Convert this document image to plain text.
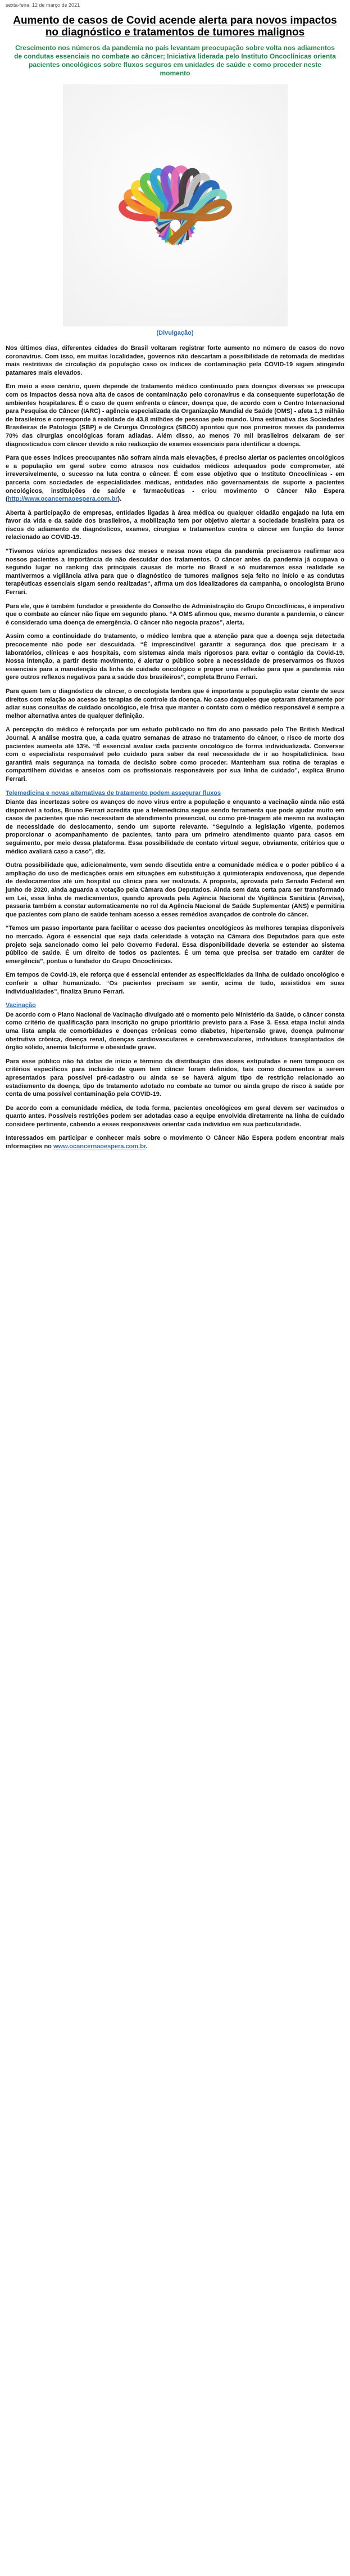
sexta-feira, 12 de março de 2021
Aumento de casos de Covid acende alerta para novos impactos no diagnóstico e tratamentos de tumores malignos
Crescimento nos números da pandemia no país levantam preocupação sobre volta nos adiamentos de condutas essenciais no combate ao câncer; Iniciativa liderada pelo Instituto Oncoclínicas orienta pacientes oncológicos sobre fluxos seguros em unidades de saúde e como proceder neste momento
(Divulgação)

Nos últimos dias, diferentes cidades do Brasil voltaram registrar forte aumento no número de casos do novo coronavírus. Com isso, em muitas localidades, governos não descartam a possibilidade de retomada de medidas mais restritivas de circulação da população caso os índices de contaminação pela COVID-19 sigam atingindo patamares mais elevados.

Em meio a esse cenário, quem depende de tratamento médico continuado para doenças diversas se preocupa com os impactos dessa nova alta de casos de contaminação pelo coronavírus e da consequente superlotação de ambientes hospitalares. É o caso de quem enfrenta o câncer, doença que, de acordo com o Centro Internacional para Pesquisa do Câncer (IARC) - agência especializada da Organização Mundial de Saúde (OMS) - afeta 1,3 milhão de brasileiros e corresponde à realidade de 43,8 milhões de pessoas pelo mundo. Uma estimativa das Sociedades Brasileiras de Patologia (SBP) e de Cirurgia Oncológica (SBCO) apontou que nos primeiros meses da pandemia 70% das cirurgias oncológicas foram adiadas. Além disso, ao menos 70 mil brasileiros deixaram de ser diagnosticados com câncer devido a não realização de exames essenciais para identificar a doença.

Para que esses índices preocupantes não sofram ainda mais elevações, é preciso alertar os pacientes oncológicos e a população em geral sobre como atrasos nos cuidados médicos adequados pode comprometer, até irreversivelmente, o sucesso na luta contra o câncer. É com esse objetivo que o Instituto Oncoclínicas - em parceria com sociedades de especialidades médicas, entidades não governamentais de suporte a pacientes oncológicos, instituições de saúde e farmacêuticas - criou movimento O Câncer Não Espera (http://www.ocancernaoespera.com.br).

Aberta à participação de empresas, entidades ligadas à área médica ou qualquer cidadão engajado na luta em favor da vida e da saúde dos brasileiros, a mobilização tem por objetivo alertar a sociedade brasileira para os riscos do adiamento de diagnósticos, exames, cirurgias e tratamentos contra o câncer em função do temor relacionado ao COVID-19.

“Tivemos vários aprendizados nesses dez meses e nessa nova etapa da pandemia precisamos reafirmar aos nossos pacientes a importância de não descuidar dos tratamentos. O câncer antes da pandemia já ocupava o segundo lugar no ranking das principais causas de morte no Brasil e só mudaremos essa realidade se mantivermos a vigilância ativa para que o diagnóstico de tumores malignos seja feito no início e as condutas terapêuticas essenciais sigam sendo realizadas”, afirma um dos idealizadores da campanha, o oncologista Bruno Ferrari.

Para ele, que é também fundador e presidente do Conselho de Administração do Grupo Oncoclínicas, é imperativo que o combate ao câncer não fique em segundo plano. “A OMS afirmou que, mesmo durante a pandemia, o câncer é considerado uma doença de emergência. O câncer não negocia prazos”, alerta.

Assim como a continuidade do tratamento, o médico lembra que a atenção para que a doença seja detectada precocemente não pode ser descuidada. “É imprescindível garantir a segurança dos que precisam ir a laboratórios, clínicas e aos hospitais, com sistemas ainda mais rigorosos para evitar o contágio da Covid-19. Nossa intenção, a partir deste movimento, é alertar o público sobre a necessidade de preservarmos os fluxos essenciais para a manutenção da linha de cuidado oncológico e propor uma reflexão para que a pandemia não gere outros reflexos negativos para a saúde dos brasileiros”, completa Bruno Ferrari.

Para quem tem o diagnóstico de câncer, o oncologista lembra que é importante a população estar ciente de seus direitos com relação ao acesso às terapias de controle da doença. No caso daqueles que optaram diretamente por adiar suas consultas de cuidado oncológico, ele frisa que manter o contato com o médico responsável é sempre a melhor alternativa antes de qualquer definição.

A percepção do médico é reforçada por um estudo publicado no fim do ano passado pelo The British Medical Journal. A análise mostra que, a cada quatro semanas de atraso no tratamento do câncer, o risco de morte dos pacientes aumenta até 13%. “É essencial avaliar cada paciente oncológico de forma individualizada. Conversar com o especialista responsável pelo cuidado para saber da real necessidade de ir ao hospital/clínica. Isso garantirá mais segurança na tomada de decisão sobre como proceder. Mantenham sua rotina de terapias e compartilhem dúvidas e anseios com os profissionais responsáveis por sua linha de cuidado”, explica Bruno Ferrari.

Telemedicina e novas alternativas de tratamento podem assegurar fluxos

Diante das incertezas sobre os avanços do novo vírus entre a população e enquanto a vacinação ainda não está disponível a todos, Bruno Ferrari acredita que a telemedicina segue sendo ferramenta que pode ajudar muito em casos de pacientes que não necessitam de atendimento presencial, ou como pré-triagem até mesmo na avaliação de necessidade do deslocamento, sendo um suporte relevante. “Seguindo a legislação vigente, podemos proporcionar o acompanhamento de pacientes, tanto para um primeiro atendimento quanto para casos em seguimento, por meio dessa plataforma. Essa possibilidade de contato virtual segue, obviamente, critérios que o médico avaliará caso a caso”, diz.

Outra possibilidade que, adicionalmente, vem sendo discutida entre a comunidade médica e o poder público é a ampliação do uso de medicações orais em situações em substituição à quimioterapia endovenosa, que depende de deslocamentos até um hospital ou clínica para ser realizada. A proposta, aprovada pelo Senado Federal em junho de 2020, ainda aguarda a votação pela Câmara dos Deputados. Ainda sem data certa para ser transformado em Lei, essa linha de medicamentos, quando aprovada pela Agência Nacional de Vigilância Sanitária (Anvisa), passaria também a constar automaticamente no rol da Agência Nacional de Saúde Suplementar (ANS) e permitiria que pacientes com plano de saúde tenham acesso a esses remédios avançados de controle do câncer.

“Temos um passo importante para facilitar o acesso dos pacientes oncológicos às melhores terapias disponíveis no mercado. Agora é essencial que seja dada celeridade à votação na Câmara dos Deputados para que este projeto seja sancionado como lei pelo Governo Federal. Essa disponibilidade deveria se estender ao sistema público de saúde. É um direito de todos os pacientes. É um tema que precisa ser tratado em caráter de emergência”, pontua o fundador do Grupo Oncoclínicas.

Em tempos de Covid-19, ele reforça que é essencial entender as especificidades da linha de cuidado oncológico e conferir a olhar humanizado. “Os pacientes precisam se sentir, acima de tudo, assistidos em suas individualidades”, finaliza Bruno Ferrari.

Vacinação

De acordo com o Plano Nacional de Vacinação divulgado até o momento pelo Ministério da Saúde, o câncer consta como critério de qualificação para inscrição no grupo prioritário previsto para a Fase 3. Essa etapa inclui ainda uma lista ampla de comorbidades e doenças crônicas como diabetes, hipertensão grave, doença pulmonar obstrutiva crônica, doença renal, doenças cardiovasculares e cerebrovasculares, indivíduos transplantados de órgão sólido, anemia falciforme e obesidade grave.

Para esse público não há datas de início e término da distribuição das doses estipuladas e nem tampouco os critérios específicos para inclusão de quem tem câncer foram definidos, tais como documentos a serem apresentados para possível pré-cadastro ou ainda se se haverá algum tipo de restrição relacionado ao estadiamento da doença, tipo de tratamento adotado no combate ao tumor ou ainda grupo de risco à saúde por conta de uma possível contaminação pela COVID-19.

De acordo com a comunidade médica, de toda forma, pacientes oncológicos em geral devem ser vacinados o quanto antes. Possíveis restrições podem ser adotadas caso a equipe envolvida diretamente na linha de cuidado considere pertinente, cabendo a esses responsáveis orientar cada indivíduo em sua particularidade.

Interessados em participar e conhecer mais sobre o movimento O Câncer Não Espera podem encontrar mais informações no www.ocancernaoespera.com.br.
